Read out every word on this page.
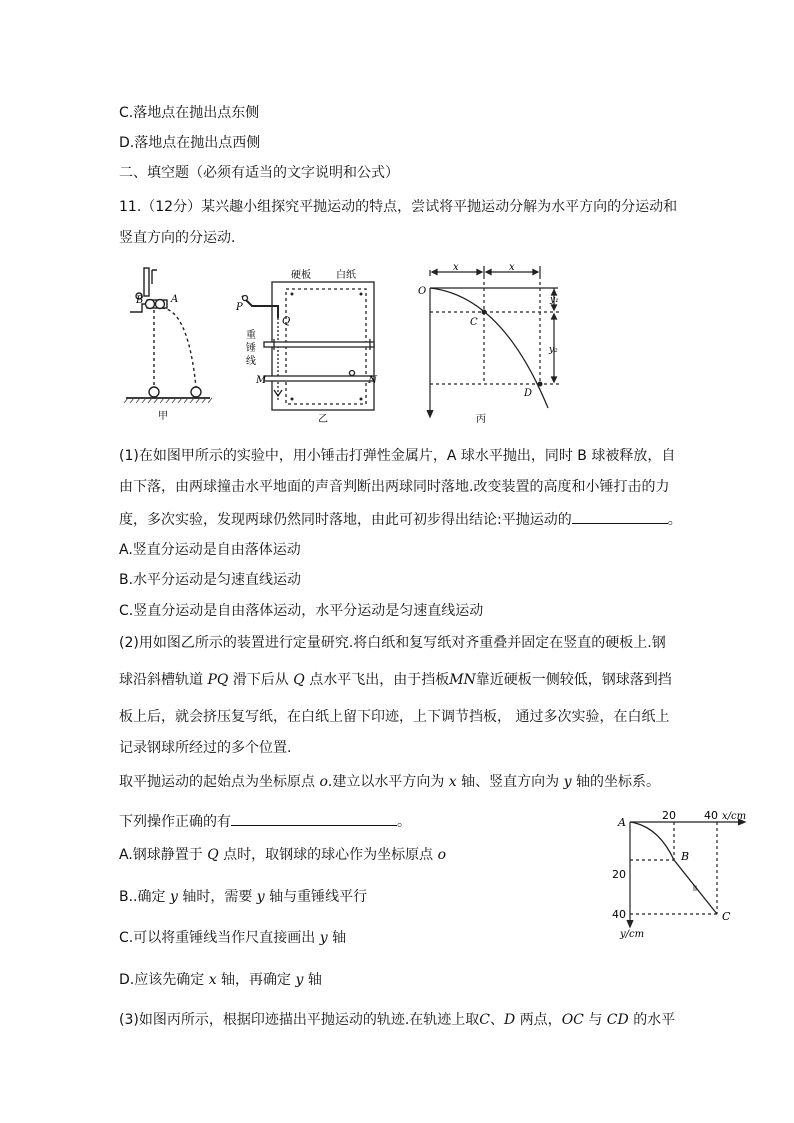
C.落地点在抛出点东侧
D.落地点在抛出点西侧
二、填空题（必须有适当的文字说明和公式）
11.（12分）某兴趣小组探究平抛运动的特点，尝试将平抛运动分解为水平方向的分运动和
竖直方向的分运动.
(1)在如图甲所示的实验中，用小锤击打弹性金属片，A 球水平抛出，同时 B 球被释放，自
由下落，由两球撞击水平地面的声音判断出两球同时落地.改变装置的高度和小锤打击的力
度，多次实验，发现两球仍然同时落地，由此可初步得出结论:平抛运动的	。
A.竖直分运动是自由落体运动
B.水平分运动是匀速直线运动
C.竖直分运动是自由落体运动，水平分运动是匀速直线运动
(2)用如图乙所示的装置进行定量研究.将白纸和复写纸对齐重叠并固定在竖直的硬板上.钢
球沿斜槽轨道 PQ 滑下后从 Q 点水平飞出，由于挡板MN靠近硬板一侧较低，钢球落到挡
板上后，就会挤压复写纸，在白纸上留下印迹，上下调节挡板， 通过多次实验，在白纸上
记录钢球所经过的多个位置.
取平抛运动的起始点为坐标原点 o.建立以水平方向为 x 轴、竖直方向为 y 轴的坐标系。
下列操作正确的有	。
A.钢球静置于 Q 点时，取钢球的球心作为坐标原点 o
B..确定 y 轴时，需要 y 轴与重锤线平行
C.可以将重锤线当作尺直接画出 y 轴
D.应该先确定 x 轴，再确定 y 轴
(3)如图丙所示，根据印迹描出平抛运动的轨迹.在轨迹上取C、D 两点，OC 与 CD 的水平
B	A
甲
硬板	白纸
P
Q
重
锤
线
M	N
乙
O
x	x
C
D
y₁
y₂
丙
A
B
C
20	40 x/cm
20
40
y/cm
ĭĭ
